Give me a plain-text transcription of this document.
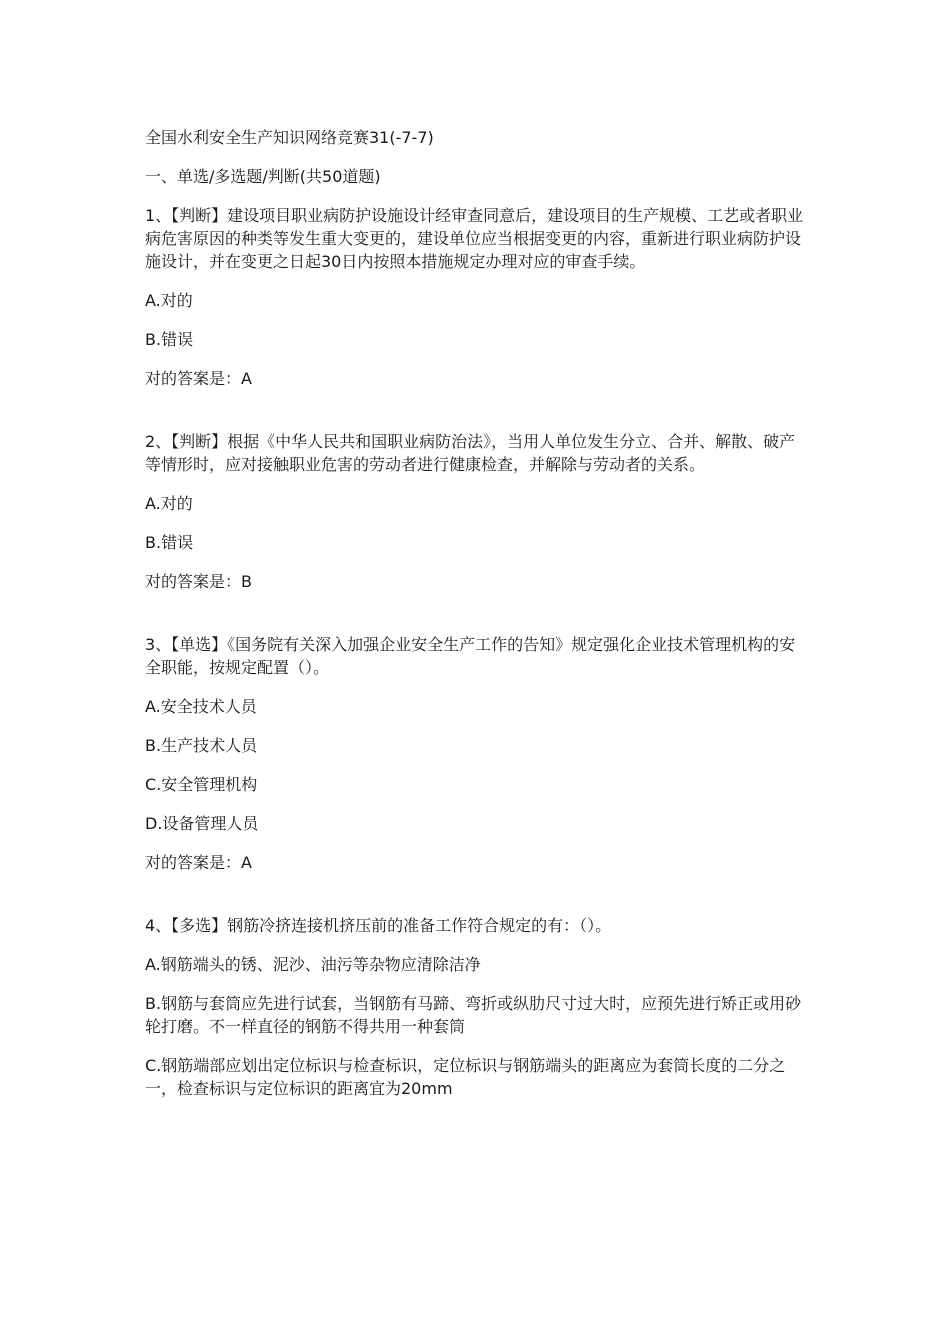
全国水利安全生产知识网络竞赛31(-7-7)

一、单选/多选题/判断(共50道题)

1、【判断】建设项目职业病防护设施设计经审查同意后，建设项目的生产规模、工艺或者职业病危害原因的种类等发生重大变更的，建设单位应当根据变更的内容，重新进行职业病防护设施设计，并在变更之日起30日内按照本措施规定办理对应的审查手续。

A.对的

B.错误

对的答案是：A

2、【判断】根据《中华人民共和国职业病防治法》，当用人单位发生分立、合并、解散、破产等情形时，应对接触职业危害的劳动者进行健康检查，并解除与劳动者的关系。

A.对的

B.错误

对的答案是：B

3、【单选】《国务院有关深入加强企业安全生产工作的告知》规定强化企业技术管理机构的安全职能，按规定配置（）。

A.安全技术人员

B.生产技术人员

C.安全管理机构

D.设备管理人员

对的答案是：A

4、【多选】钢筋冷挤连接机挤压前的准备工作符合规定的有：（）。

A.钢筋端头的锈、泥沙、油污等杂物应清除洁净

B.钢筋与套筒应先进行试套，当钢筋有马蹄、弯折或纵肋尺寸过大时，应预先进行矫正或用砂轮打磨。不一样直径的钢筋不得共用一种套筒

C.钢筋端部应划出定位标识与检查标识，定位标识与钢筋端头的距离应为套筒长度的二分之一，检查标识与定位标识的距离宜为20mm
